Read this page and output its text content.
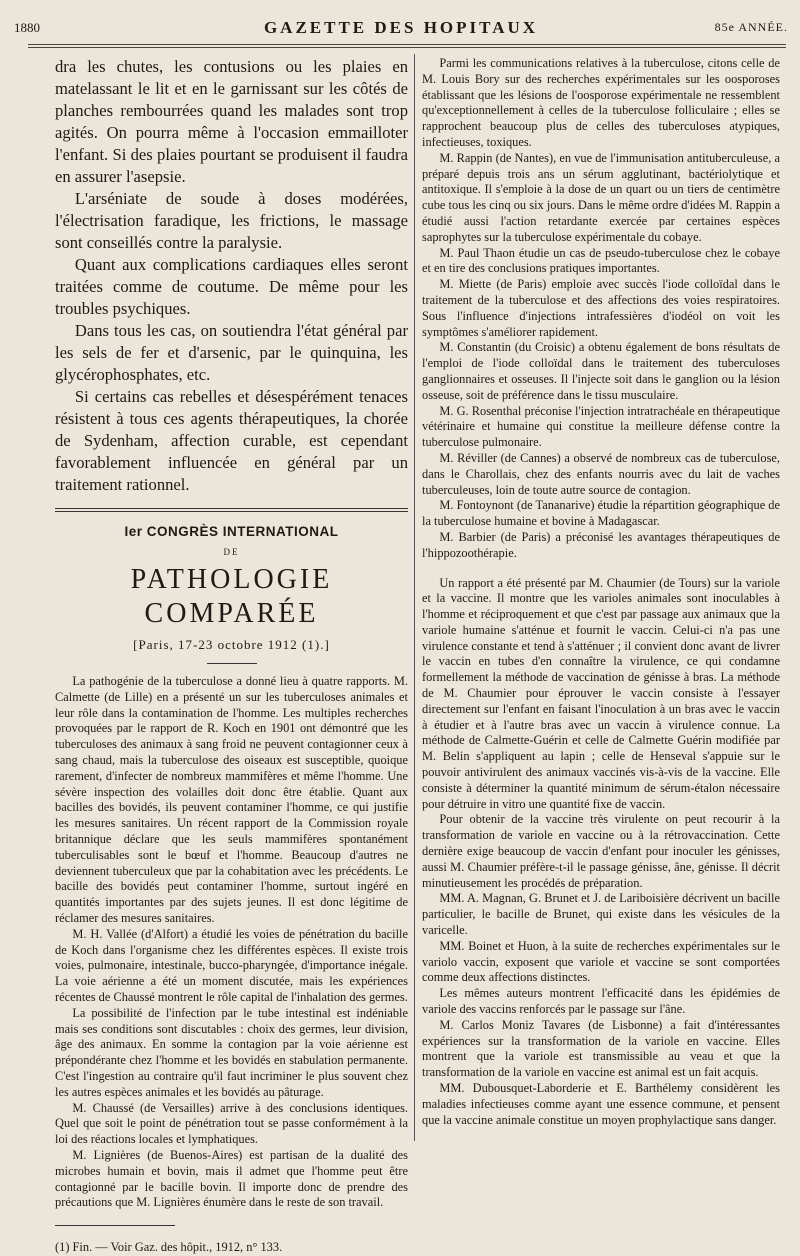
1880	GAZETTE DES HOPITAUX	85e ANNÉE.

dra les chutes, les contusions ou les plaies en matelassant le lit et en le garnissant sur les côtés de planches rembourrées quand les malades sont trop agités. On pourra même à l'occasion emmailloter l'enfant. Si des plaies pourtant se produisent il faudra en assurer l'asepsie.

L'arséniate de soude à doses modérées, l'électrisation faradique, les frictions, le massage sont conseillés contre la paralysie.

Quant aux complications cardiaques elles seront traitées comme de coutume. De même pour les troubles psychiques.

Dans tous les cas, on soutiendra l'état général par les sels de fer et d'arsenic, par le quinquina, les glycérophosphates, etc.

Si certains cas rebelles et désespérément tenaces résistent à tous ces agents thérapeutiques, la chorée de Sydenham, affection curable, est cependant favorablement influencée en général par un traitement rationnel.

Ier CONGRÈS INTERNATIONAL
DE
PATHOLOGIE COMPARÉE
[Paris, 17-23 octobre 1912 (1).]

La pathogénie de la tuberculose a donné lieu à quatre rapports. M. Calmette (de Lille) en a présenté un sur les tuberculoses animales et leur rôle dans la contamination de l'homme. Les multiples recherches provoquées par le rapport de R. Koch en 1901 ont démontré que les tuberculoses des animaux à sang froid ne peuvent contagionner ceux à sang chaud, mais la tuberculose des oiseaux est susceptible, quoique rarement, d'infecter de nombreux mammifères et même l'homme. Une sévère inspection des volailles doit donc être établie. Quant aux bacilles des bovidés, ils peuvent contaminer l'homme, ce qui justifie les mesures sanitaires. Un récent rapport de la Commission royale britannique déclare que les seuls mammifères spontanément tuberculisables sont le bœuf et l'homme. Beaucoup d'autres ne deviennent tuberculeux que par la cohabitation avec les précédents. Le bacille des bovidés peut contaminer l'homme, surtout ingéré en quantités importantes par des sujets jeunes. Il est donc légitime de réclamer des mesures sanitaires.

M. H. Vallée (d'Alfort) a étudié les voies de pénétration du bacille de Koch dans l'organisme chez les différentes espèces. Il existe trois voies, pulmonaire, intestinale, bucco-pharyngée, d'importance inégale. La voie aérienne a été un moment discutée, mais les expériences récentes de Chaussé montrent le rôle capital de l'inhalation des germes.

La possibilité de l'infection par le tube intestinal est indéniable mais ses conditions sont discutables : choix des germes, leur division, âge des animaux. En somme la contagion par la voie aérienne est prépondérante chez l'homme et les bovidés en stabulation permanente. C'est l'ingestion au contraire qu'il faut incriminer le plus souvent chez les autres espèces animales et les bovidés au pâturage.

M. Chaussé (de Versailles) arrive à des conclusions identiques. Quel que soit le point de pénétration tout se passe conformément à la loi des réactions locales et lymphatiques.

M. Lignières (de Buenos-Aires) est partisan de la dualité des microbes humain et bovin, mais il admet que l'homme peut être contagionné par le bacille bovin. Il importe donc de prendre des précautions que M. Lignières énumère dans le reste de son travail.

(1) Fin. — Voir Gaz. des hôpit., 1912, n° 133.

Parmi les communications relatives à la tuberculose, citons celle de M. Louis Bory sur des recherches expérimentales sur les oosporoses établissant que les lésions de l'oosporose expérimentale ne ressemblent qu'exceptionnellement à celles de la tuberculose folliculaire ; elles se rapprochent beaucoup plus de celles des tuberculoses atypiques, infectieuses, toxiques.

M. Rappin (de Nantes), en vue de l'immunisation antituberculeuse, a préparé depuis trois ans un sérum agglutinant, bactériolytique et antitoxique. Il s'emploie à la dose de un quart ou un tiers de centimètre cube tous les cinq ou six jours. Dans le même ordre d'idées M. Rappin a étudié aussi l'action retardante exercée par certaines espèces saprophytes sur la tuberculose expérimentale du cobaye.

M. Paul Thaon étudie un cas de pseudo-tuberculose chez le cobaye et en tire des conclusions pratiques importantes.

M. Miette (de Paris) emploie avec succès l'iode colloïdal dans le traitement de la tuberculose et des affections des voies respiratoires. Sous l'influence d'injections intrafessières d'iodéol on voit les symptômes s'améliorer rapidement.

M. Constantin (du Croisic) a obtenu également de bons résultats de l'emploi de l'iode colloïdal dans le traitement des tuberculoses ganglionnaires et osseuses. Il l'injecte soit dans le ganglion ou la lésion osseuse, soit de préférence dans le tissu musculaire.

M. G. Rosenthal préconise l'injection intratrachéale en thérapeutique vétérinaire et humaine qui constitue la meilleure défense contre la tuberculose pulmonaire.

M. Réviller (de Cannes) a observé de nombreux cas de tuberculose, dans le Charollais, chez des enfants nourris avec du lait de vaches tuberculeuses, loin de toute autre source de contagion.

M. Fontoynont (de Tananarive) étudie la répartition géographique de la tuberculose humaine et bovine à Madagascar.

M. Barbier (de Paris) a préconisé les avantages thérapeutiques de l'hippozoothérapie.

Un rapport a été présenté par M. Chaumier (de Tours) sur la variole et la vaccine. Il montre que les varioles animales sont inoculables à l'homme et réciproquement et que c'est par passage aux animaux que la variole humaine s'atténue et fournit le vaccin. Celui-ci n'a pas une virulence constante et tend à s'atténuer ; il convient donc avant de livrer le vaccin en tubes d'en connaître la virulence, ce qui condamne formellement la méthode de vaccination de génisse à bras. La méthode de M. Chaumier pour éprouver le vaccin consiste à l'essayer directement sur l'enfant en faisant l'inoculation à un bras avec le vaccin à étudier et à l'autre bras avec un vaccin à virulence connue. La méthode de Calmette-Guérin et celle de Calmette Guérin modifiée par M. Belin s'appliquent au lapin ; celle de Henseval s'appuie sur le pouvoir antivirulent des animaux vaccinés vis-à-vis de la vaccine. Elle consiste à déterminer la quantité minimum de sérum-étalon nécessaire pour détruire in vitro une quantité fixe de vaccin.

Pour obtenir de la vaccine très virulente on peut recourir à la transformation de variole en vaccine ou à la rétrovaccination. Cette dernière exige beaucoup de vaccin d'enfant pour inoculer les génisses, aussi M. Chaumier préfère-t-il le passage génisse, âne, génisse. Il décrit minutieusement les procédés de préparation.

MM. A. Magnan, G. Brunet et J. de Lariboisière décrivent un bacille particulier, le bacille de Brunet, qui existe dans les vésicules de la varicelle.

MM. Boinet et Huon, à la suite de recherches expérimentales sur le variolo vaccin, exposent que variole et vaccine se sont comportées comme deux affections distinctes.

Les mêmes auteurs montrent l'efficacité dans les épidémies de variole des vaccins renforcés par le passage sur l'âne.

M. Carlos Moniz Tavares (de Lisbonne) a fait d'intéressantes expériences sur la transformation de la variole en vaccine. Elles montrent que la variole est transmissible au veau et que la transformation de la variole en vaccine est animal est un fait acquis.

MM. Dubousquet-Laborderie et E. Barthélemy considèrent les maladies infectieuses comme ayant une essence commune, et pensent que la vaccine animale constitue un moyen prophylactique sans danger.
